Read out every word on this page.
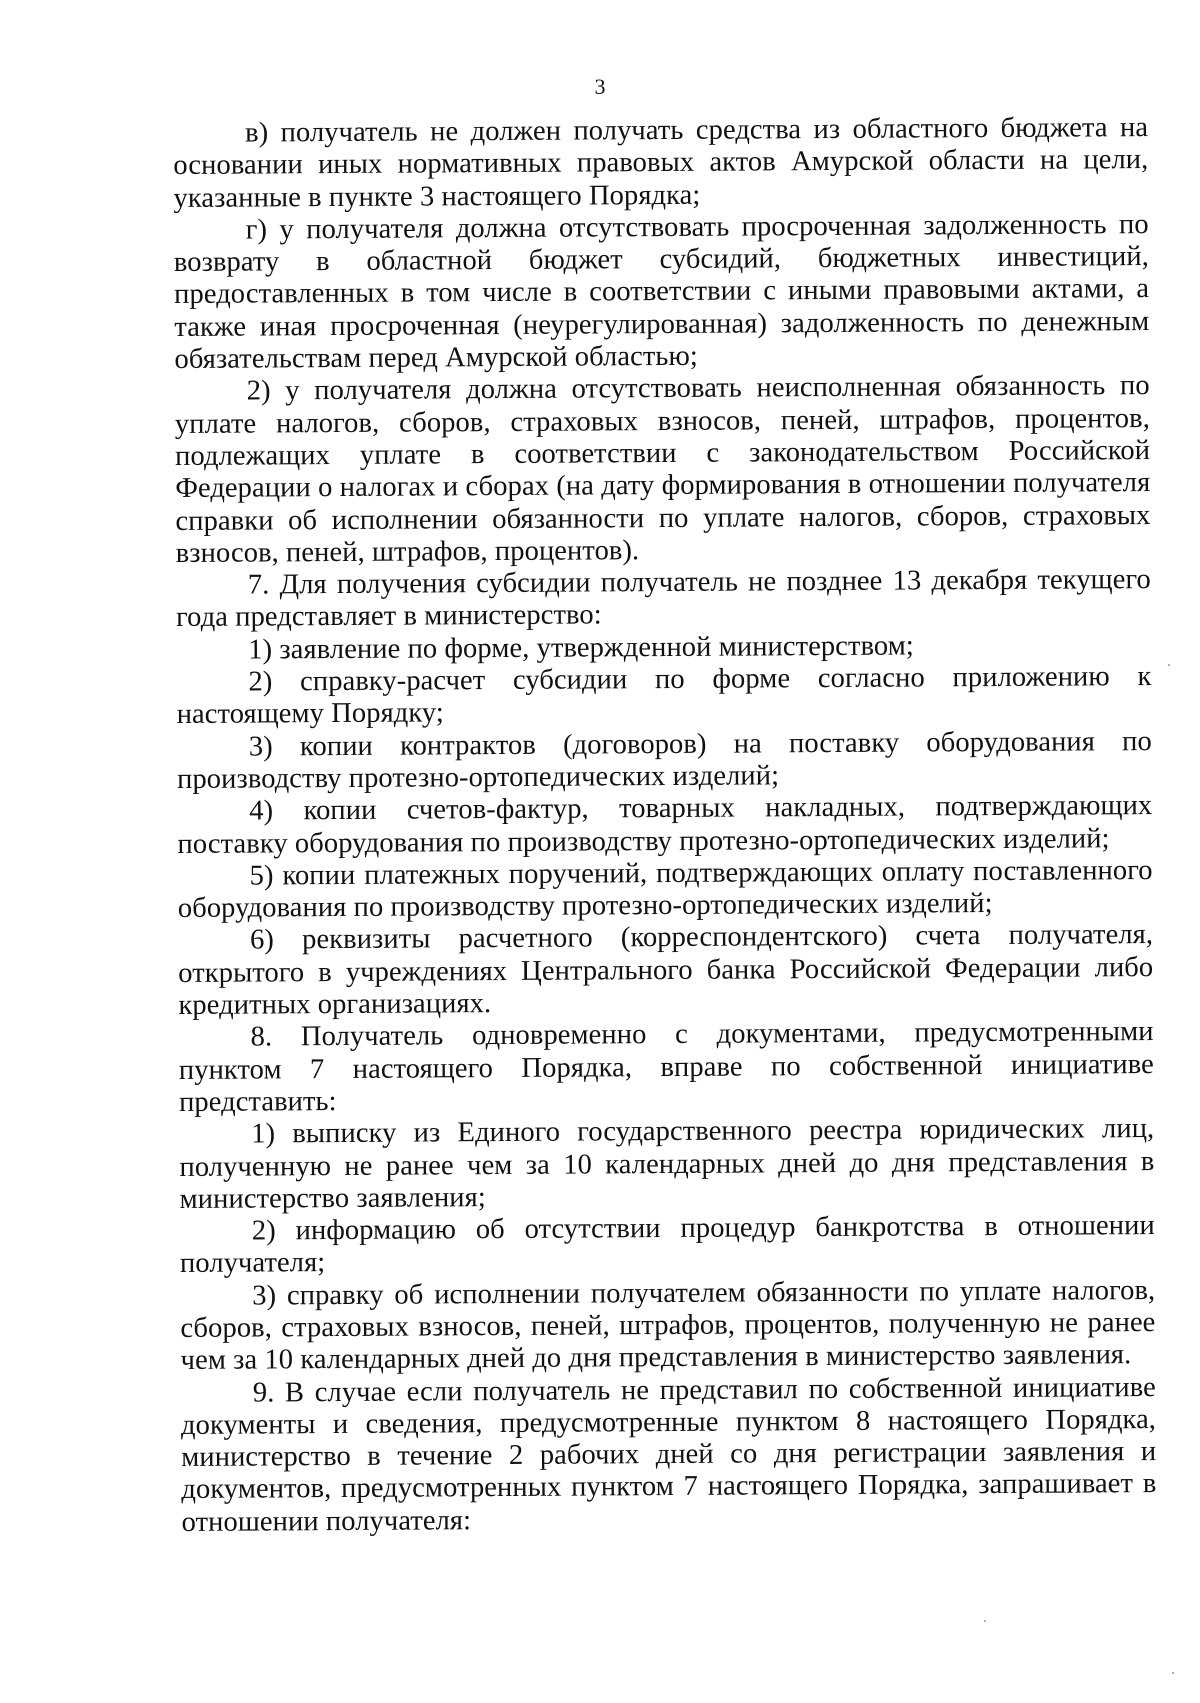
3

в) получатель не должен получать средства из областного бюджета на основании иных нормативных правовых актов Амурской области на цели, указанные в пункте 3 настоящего Порядка;

г) у получателя должна отсутствовать просроченная задолженность по возврату в областной бюджет субсидий, бюджетных инвестиций, предоставленных в том числе в соответствии с иными правовыми актами, а также иная просроченная (неурегулированная) задолженность по денежным обязательствам перед Амурской областью;

2) у получателя должна отсутствовать неисполненная обязанность по уплате налогов, сборов, страховых взносов, пеней, штрафов, процентов, подлежащих уплате в соответствии с законодательством Российской Федерации о налогах и сборах (на дату формирования в отношении получателя справки об исполнении обязанности по уплате налогов, сборов, страховых взносов, пеней, штрафов, процентов).

7. Для получения субсидии получатель не позднее 13 декабря текущего года представляет в министерство:

1) заявление по форме, утвержденной министерством;

2) справку-расчет субсидии по форме согласно приложению к настоящему Порядку;

3) копии контрактов (договоров) на поставку оборудования по производству протезно-ортопедических изделий;

4) копии счетов-фактур, товарных накладных, подтверждающих поставку оборудования по производству протезно-ортопедических изделий;

5) копии платежных поручений, подтверждающих оплату поставленного оборудования по производству протезно-ортопедических изделий;

6) реквизиты расчетного (корреспондентского) счета получателя, открытого в учреждениях Центрального банка Российской Федерации либо кредитных организациях.

8. Получатель одновременно с документами, предусмотренными пунктом 7 настоящего Порядка, вправе по собственной инициативе представить:

1) выписку из Единого государственного реестра юридических лиц, полученную не ранее чем за 10 календарных дней до дня представления в министерство заявления;

2) информацию об отсутствии процедур банкротства в отношении получателя;

3) справку об исполнении получателем обязанности по уплате налогов, сборов, страховых взносов, пеней, штрафов, процентов, полученную не ранее чем за 10 календарных дней до дня представления в министерство заявления.

9. В случае если получатель не представил по собственной инициативе документы и сведения, предусмотренные пунктом 8 настоящего Порядка, министерство в течение 2 рабочих дней со дня регистрации заявления и документов, предусмотренных пунктом 7 настоящего Порядка, запрашивает в отношении получателя:
